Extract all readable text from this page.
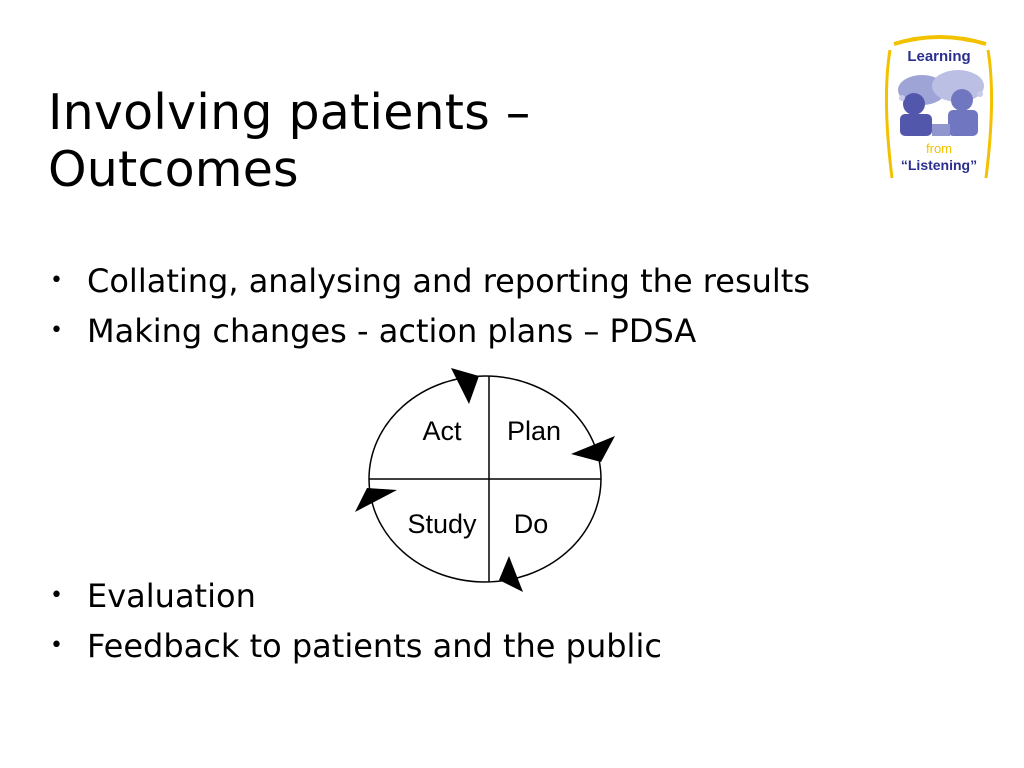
Involving patients –
Outcomes
Learning
from
“Listening”
• Collating, analysing and reporting the results
• Making changes - action plans – PDSA
Act Plan
Study Do
• Evaluation
• Feedback to patients and the public
